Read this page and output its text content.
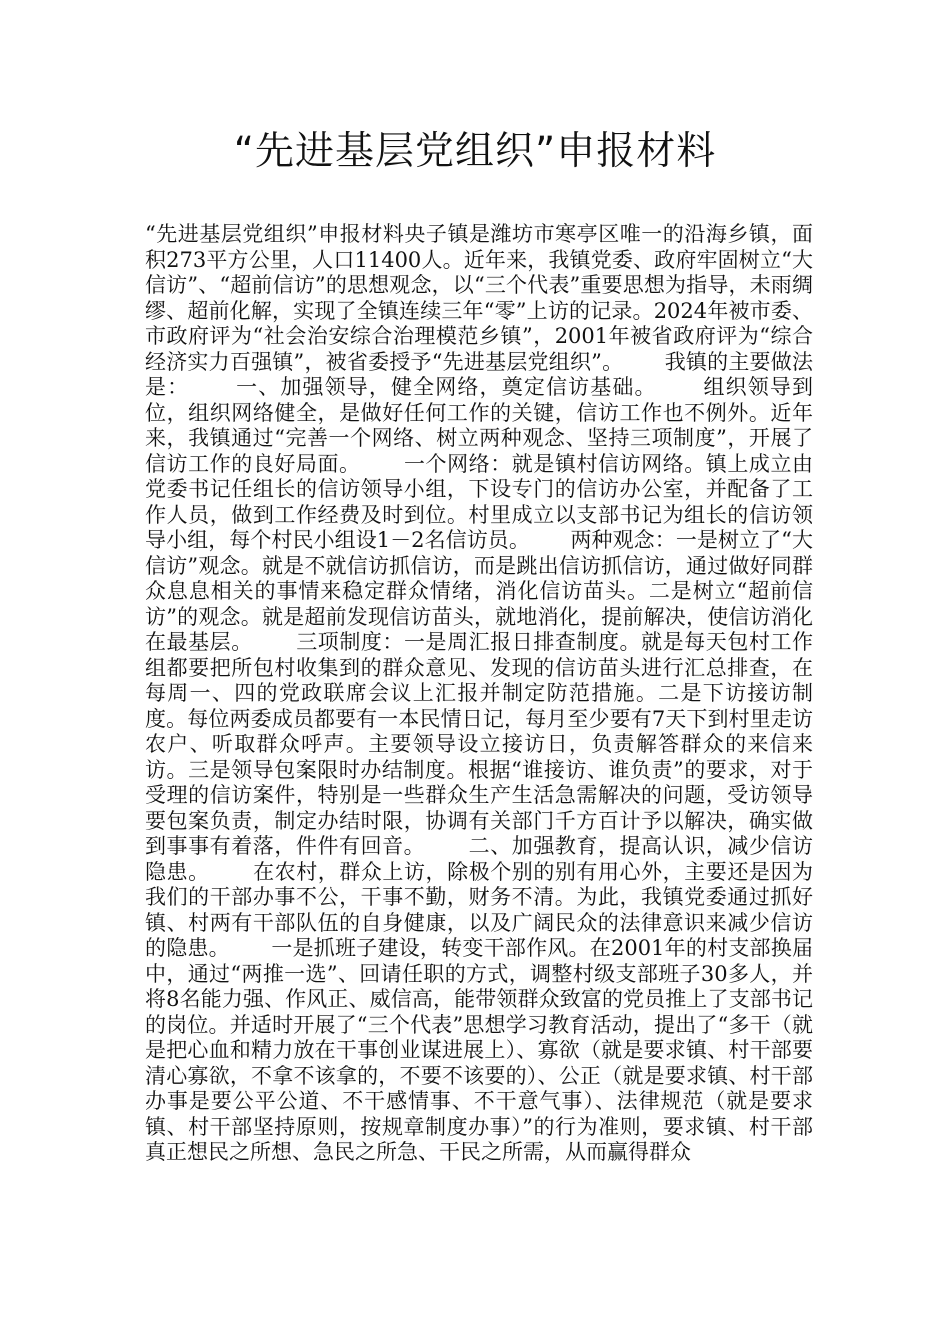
“先进基层党组织”申报材料

“先进基层党组织”申报材料央子镇是潍坊市寒亭区唯一的沿海乡镇，面积273平方公里，人口11400人。近年来，我镇党委、政府牢固树立“大信访”、“超前信访”的思想观念，以“三个代表”重要思想为指导，未雨绸缪、超前化解，实现了全镇连续三年“零”上访的记录。2024年被市委、市政府评为“社会治安综合治理模范乡镇”，2001年被省政府评为“综合经济实力百强镇”，被省委授予“先进基层党组织”。 我镇的主要做法是： 一、加强领导，健全网络，奠定信访基础。 组织领导到位，组织网络健全，是做好任何工作的关键，信访工作也不例外。近年来，我镇通过“完善一个网络、树立两种观念、坚持三项制度”，开展了信访工作的良好局面。 一个网络：就是镇村信访网络。镇上成立由党委书记任组长的信访领导小组，下设专门的信访办公室，并配备了工作人员，做到工作经费及时到位。村里成立以支部书记为组长的信访领导小组，每个村民小组设1－2名信访员。 两种观念：一是树立了“大信访”观念。就是不就信访抓信访，而是跳出信访抓信访，通过做好同群众息息相关的事情来稳定群众情绪，消化信访苗头。二是树立“超前信访”的观念。就是超前发现信访苗头，就地消化，提前解决，使信访消化在最基层。 三项制度：一是周汇报日排查制度。就是每天包村工作组都要把所包村收集到的群众意见、发现的信访苗头进行汇总排查，在每周一、四的党政联席会议上汇报并制定防范措施。二是下访接访制度。每位两委成员都要有一本民情日记，每月至少要有7天下到村里走访农户、听取群众呼声。主要领导设立接访日，负责解答群众的来信来访。三是领导包案限时办结制度。根据“谁接访、谁负责”的要求，对于受理的信访案件，特别是一些群众生产生活急需解决的问题，受访领导要包案负责，制定办结时限，协调有关部门千方百计予以解决，确实做到事事有着落，件件有回音。 二、加强教育，提高认识，减少信访隐患。 在农村，群众上访，除极个别的别有用心外，主要还是因为我们的干部办事不公，干事不勤，财务不清。为此，我镇党委通过抓好镇、村两有干部队伍的自身健康，以及广阔民众的法律意识来减少信访的隐患。 一是抓班子建设，转变干部作风。在2001年的村支部换届中，通过“两推一选”、回请任职的方式，调整村级支部班子30多人，并将8名能力强、作风正、威信高，能带领群众致富的党员推上了支部书记的岗位。并适时开展了“三个代表”思想学习教育活动，提出了“多干（就是把心血和精力放在干事创业谋进展上）、寡欲（就是要求镇、村干部要清心寡欲，不拿不该拿的，不要不该要的）、公正（就是要求镇、村干部办事是要公平公道、不干感情事、不干意气事）、法律规范（就是要求镇、村干部坚持原则，按规章制度办事）”的行为准则，要求镇、村干部真正想民之所想、急民之所急、干民之所需，从而赢得群众
